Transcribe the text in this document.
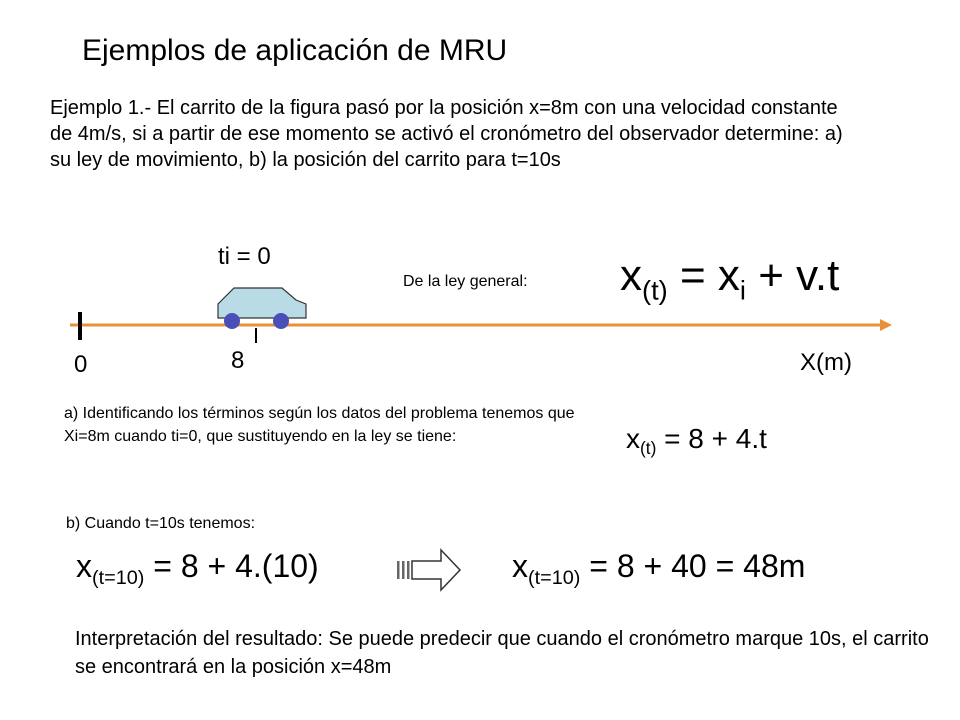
Ejemplos de aplicación de MRU
Ejemplo 1.- El carrito de la figura pasó por la posición x=8m con una velocidad constante de 4m/s, si a partir de ese momento se activó el cronómetro del observador determine: a) su ley de movimiento, b) la posición del carrito para t=10s
ti = 0
0	8	X(m)
De la ley general: $x_{(t)} = x_i + v.t$
a) Identificando los términos según los datos del problema tenemos que Xi=8m cuando ti=0, que sustituyendo en la ley se tiene:	$x_{(t)} = 8 + 4.t$
b) Cuando t=10s tenemos:
$x_{(t=10)} = 8 + 4.(10)$	$x_{(t=10)} = 8 + 40 = 48m$
Interpretación del resultado: Se puede predecir que cuando el cronómetro marque 10s, el carrito se encontrará en la posición x=48m
